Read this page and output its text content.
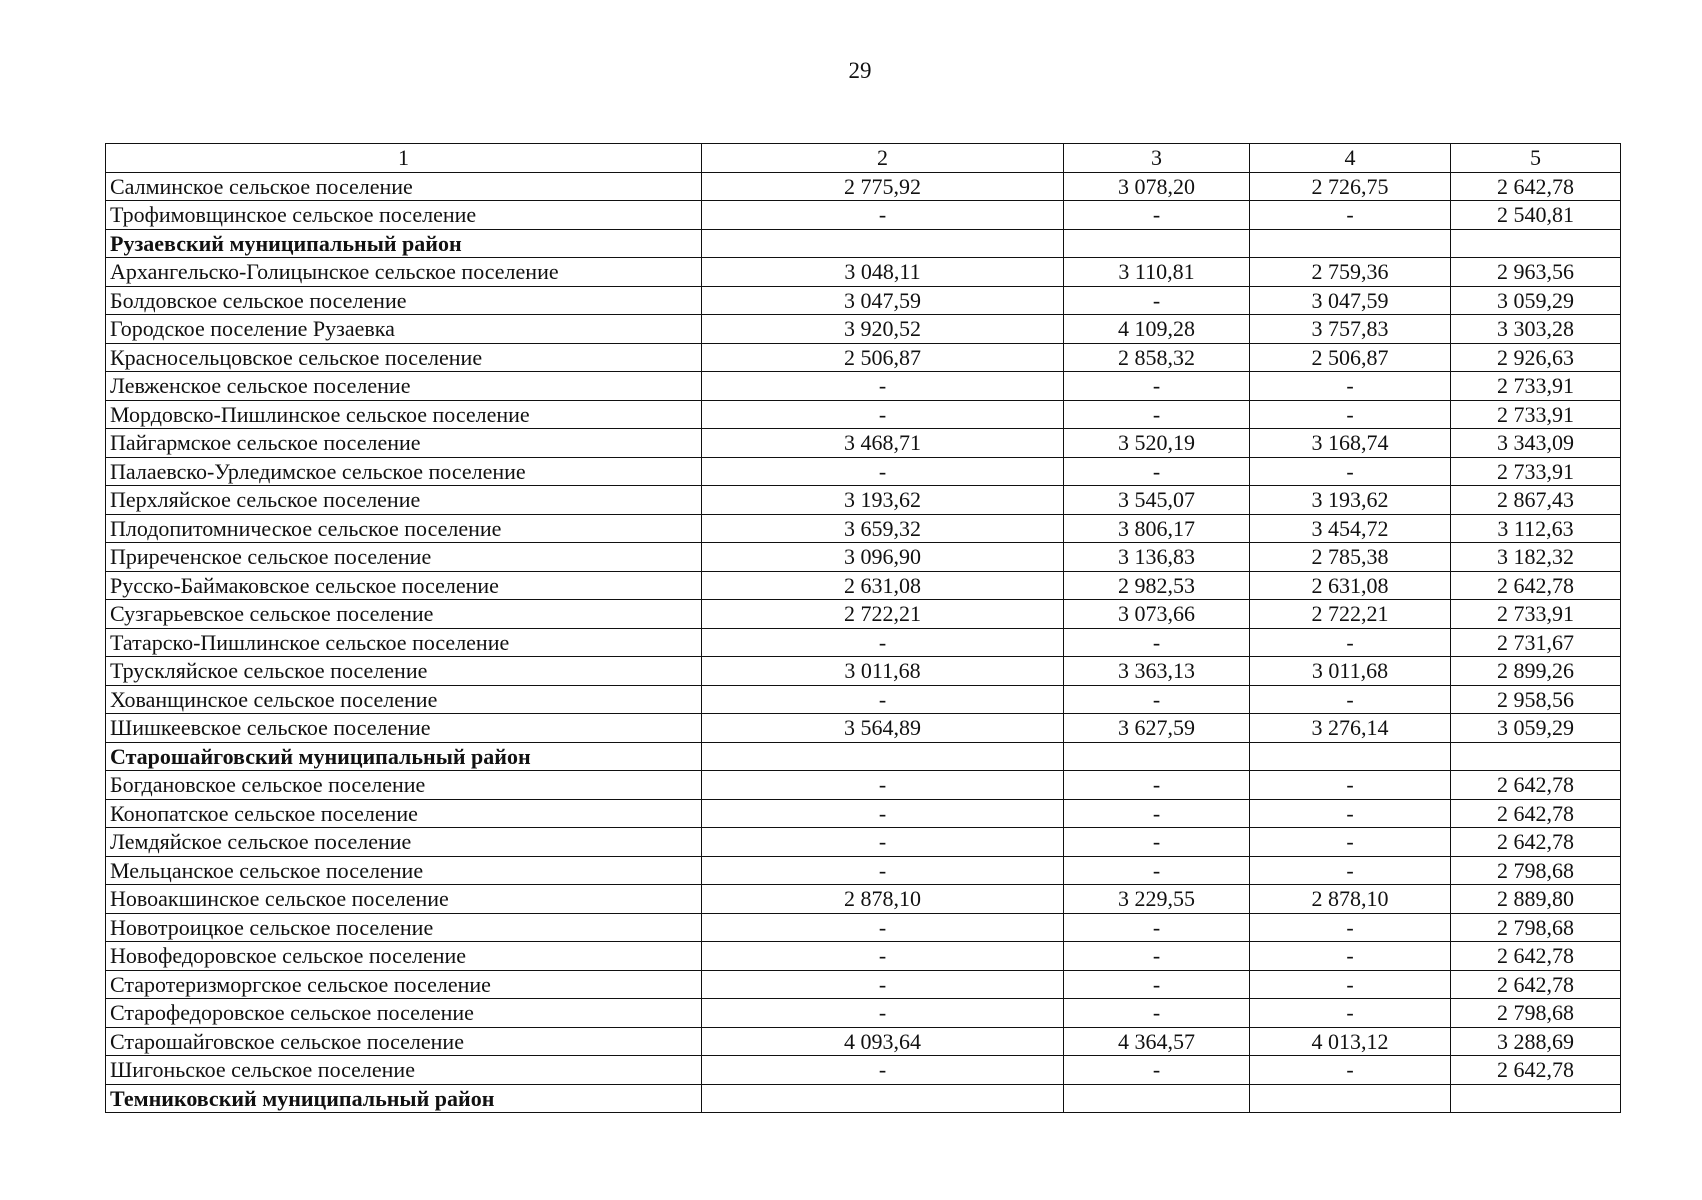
29
1	2	3	4	5
Салминское сельское поселение	2 775,92	3 078,20	2 726,75	2 642,78
Трофимовщинское сельское поселение	-	-	-	2 540,81
Рузаевский муниципальный район				
Архангельско-Голицынское сельское поселение	3 048,11	3 110,81	2 759,36	2 963,56
Болдовское сельское поселение	3 047,59	-	3 047,59	3 059,29
Городское поселение Рузаевка	3 920,52	4 109,28	3 757,83	3 303,28
Красносельцовское сельское поселение	2 506,87	2 858,32	2 506,87	2 926,63
Левженское сельское поселение	-	-	-	2 733,91
Мордовско-Пишлинское сельское поселение	-	-	-	2 733,91
Пайгармское сельское поселение	3 468,71	3 520,19	3 168,74	3 343,09
Палаевско-Урледимское сельское поселение	-	-	-	2 733,91
Перхляйское сельское поселение	3 193,62	3 545,07	3 193,62	2 867,43
Плодопитомническое сельское поселение	3 659,32	3 806,17	3 454,72	3 112,63
Приреченское сельское поселение	3 096,90	3 136,83	2 785,38	3 182,32
Русско-Баймаковское сельское поселение	2 631,08	2 982,53	2 631,08	2 642,78
Сузгарьевское сельское поселение	2 722,21	3 073,66	2 722,21	2 733,91
Татарско-Пишлинское сельское поселение	-	-	-	2 731,67
Трускляйское сельское поселение	3 011,68	3 363,13	3 011,68	2 899,26
Хованщинское сельское поселение	-	-	-	2 958,56
Шишкеевское сельское поселение	3 564,89	3 627,59	3 276,14	3 059,29
Старошайговский муниципальный район				
Богдановское сельское поселение	-	-	-	2 642,78
Конопатское сельское поселение	-	-	-	2 642,78
Лемдяйское сельское поселение	-	-	-	2 642,78
Мельцанское сельское поселение	-	-	-	2 798,68
Новоакшинское сельское поселение	2 878,10	3 229,55	2 878,10	2 889,80
Новотроицкое сельское поселение	-	-	-	2 798,68
Новофедоровское сельское поселение	-	-	-	2 642,78
Старотеризморгское сельское поселение	-	-	-	2 642,78
Старофедоровское сельское поселение	-	-	-	2 798,68
Старошайговское сельское поселение	4 093,64	4 364,57	4 013,12	3 288,69
Шигоньское сельское поселение	-	-	-	2 642,78
Темниковский муниципальный район				
